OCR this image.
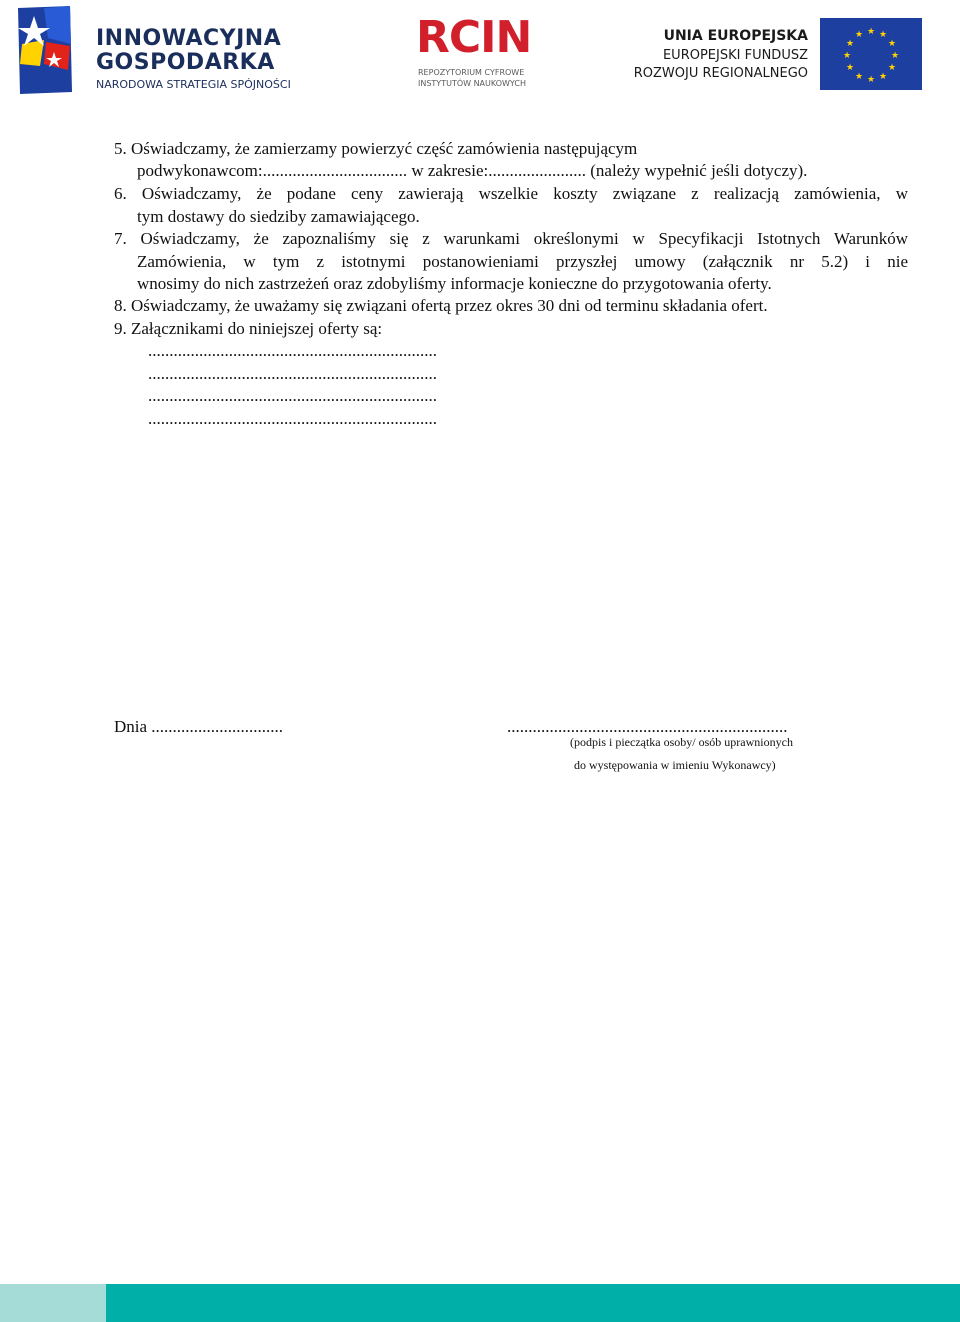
INNOWACYJNA
GOSPODARKA
NARODOWA STRATEGIA SPÓJNOŚCI
RCIN
REPOZYTORIUM CYFROWE
INSTYTUTÓW NAUKOWYCH
UNIA EUROPEJSKA
EUROPEJSKI FUNDUSZ
ROZWOJU REGIONALNEGO
★ ★
★
★
★
★
★
★
★
★
★
★

5. Oświadczamy, że zamierzamy powierzyć część zamówienia następującym

podwykonawcom:.................................. w zakresie:....................... (należy wypełnić jeśli dotyczy).

6. Oświadczamy, że podane ceny zawierają wszelkie koszty związane z realizacją zamówienia, w

tym dostawy do siedziby zamawiającego.

7. Oświadczamy, że zapoznaliśmy się z warunkami określonymi w Specyfikacji Istotnych Warunków

Zamówienia, w tym z istotnymi postanowieniami przyszłej umowy (załącznik nr 5.2) i nie

wnosimy do nich zastrzeżeń oraz zdobyliśmy informacje konieczne do przygotowania oferty.

8. Oświadczamy, że uważamy się związani ofertą przez okres 30 dni od terminu składania ofert.

9. Załącznikami do niniejszej oferty są:

....................................................................

....................................................................

....................................................................

....................................................................

Dnia ...............................	..................................................................
(podpis i pieczątka osoby/ osób uprawnionych
do występowania w imieniu Wykonawcy)
